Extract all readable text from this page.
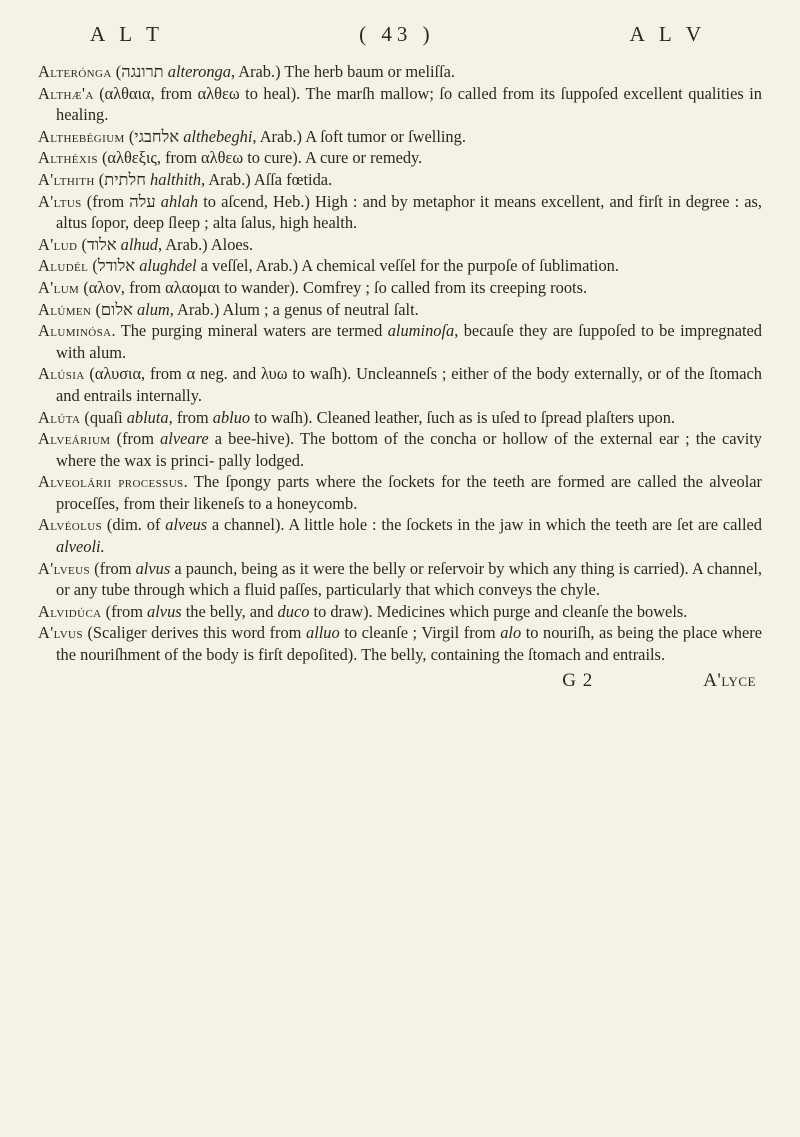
A L T	( 43 )	A L V

Alterónga (תרונגה alteronga, Arab.) The herb baum or meliſſa.

Althæ'a (αλθαια, from αλθεω to heal). The marſh mallow; ſo called from its ſuppoſed excellent qualities in healing.

Althebégium (אלחבגי althebeghi, Arab.) A ſoft tumor or ſwelling.

Althéxis (αλθεξις, from αλθεω to cure). A cure or remedy.

A'lthith (חלתית halthith, Arab.) Aſſa fœtida.

A'ltus (from עלה ahlah to aſcend, Heb.) High : and by metaphor it means excellent, and firſt in degree : as, altus ſopor, deep ſleep ; alta ſalus, high health.

A'lud (אלוד alhud, Arab.) Aloes.

Aludél (אלודל alughdel a veſſel, Arab.) A chemical veſſel for the purpoſe of ſublimation.

A'lum (αλον, from αλαομαι to wander). Comfrey ; ſo called from its creeping roots.

Alúmen (אלום alum, Arab.) Alum ; a genus of neutral ſalt.

Aluminósa. The purging mineral waters are termed aluminoſa, becauſe they are ſuppoſed to be impregnated with alum.

Alúsia (αλυσια, from α neg. and λυω to waſh). Uncleanneſs ; either of the body externally, or of the ſtomach and entrails internally.

Alúta (quaſi abluta, from abluo to waſh). Cleaned leather, ſuch as is uſed to ſpread plaſters upon.

Alveárium (from alveare a bee-hive). The bottom of the concha or hollow of the external ear ; the cavity where the wax is princi- pally lodged.

Alveolárii processus. The ſpongy parts where the ſockets for the teeth are formed are called the alveolar proceſſes, from their likeneſs to a honeycomb.

Alvéolus (dim. of alveus a channel). A little hole : the ſockets in the jaw in which the teeth are ſet are called alveoli.

A'lveus (from alvus a paunch, being as it were the belly or reſervoir by which any thing is carried). A channel, or any tube through which a fluid paſſes, particularly that which conveys the chyle.

Alvidúca (from alvus the belly, and duco to draw). Medicines which purge and cleanſe the bowels.

A'lvus (Scaliger derives this word from alluo to cleanſe ; Virgil from alo to nouriſh, as being the place where the nouriſhment of the body is firſt depoſited). The belly, containing the ſtomach and entrails.

G 2	A'lyce
